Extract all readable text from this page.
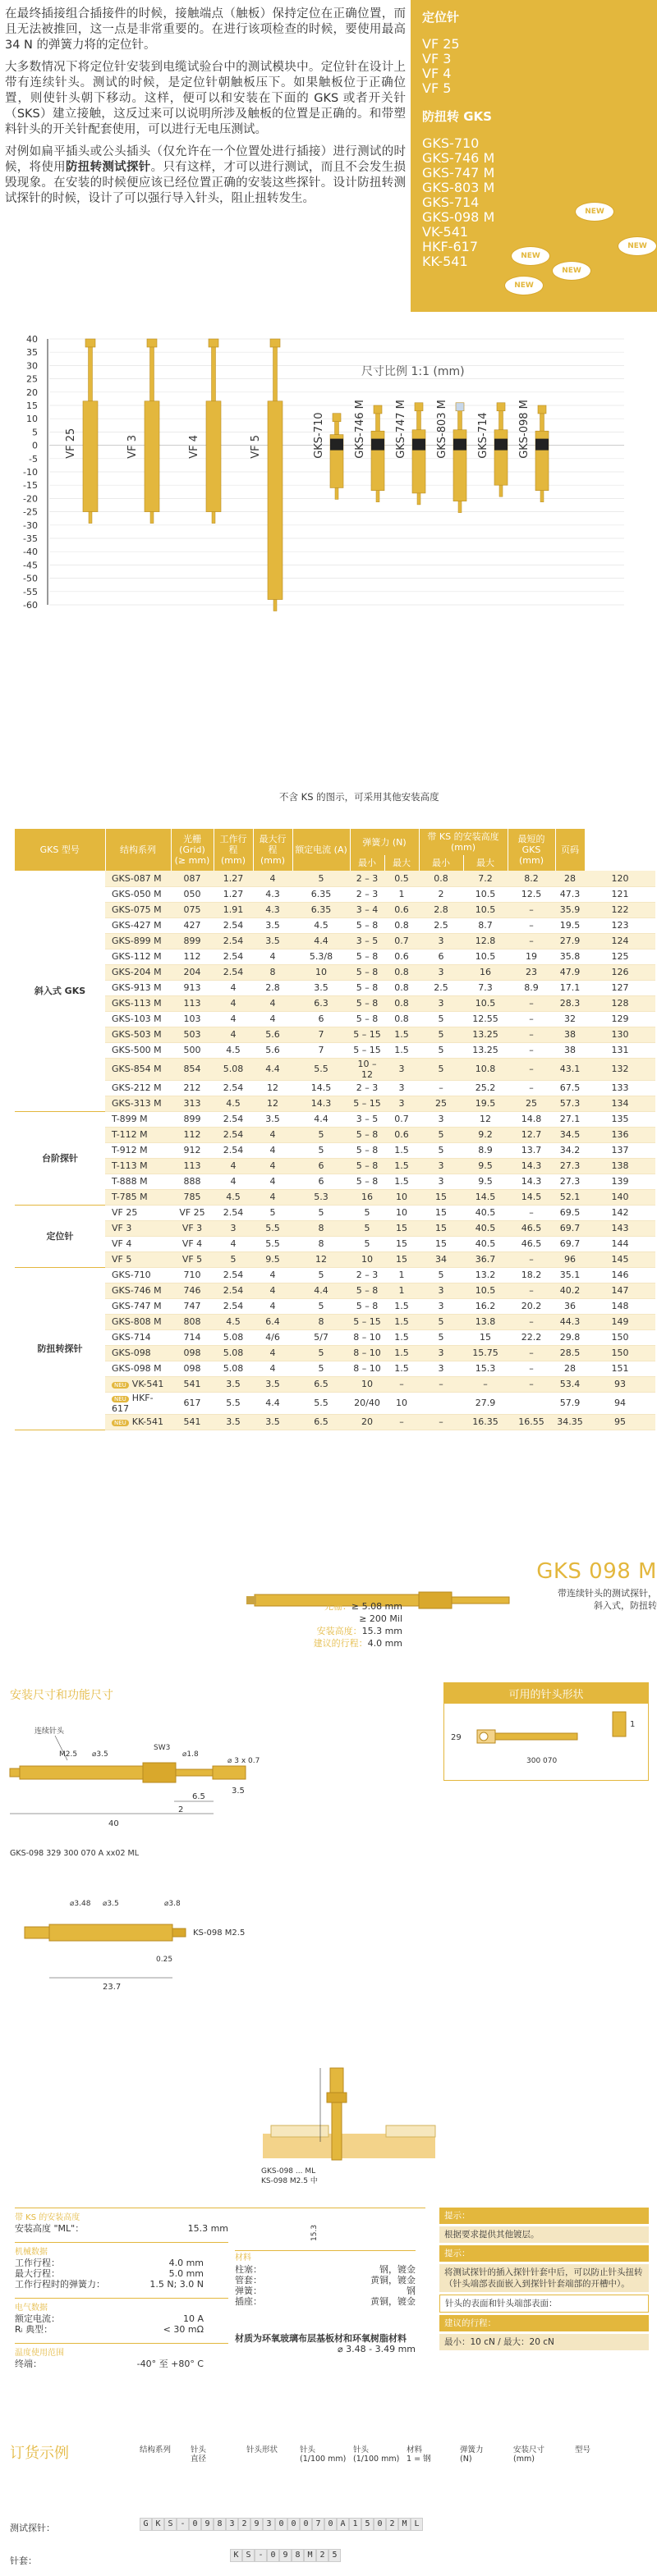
在最终插接组合插接件的时候，接触端点（触板）保持定位在正确位置，而且无法被推回，这一点是非常重要的。在进行该项检查的时候，要使用最高 34 N 的弹簧力将的定位针。

大多数情况下将定位针安装到电缆试验台中的测试模块中。定位针在设计上带有连续针头。测试的时候，是定位针朝触板压下。如果触板位于正确位置，则使针头朝下移动。这样，便可以和安装在下面的 GKS 或者开关针（SKS）建立接触，这反过来可以说明所涉及触板的位置是正确的。和带塑料针头的开关针配套使用，可以进行无电压测试。

对例如扁平插头或公头插头（仅允许在一个位置处进行插接）进行测试的时候，将使用防扭转测试探针。只有这样，才可以进行测试，而且不会发生损毁现象。在安装的时候便应该已经位置正确的安装这些探针。设计防扭转测试探针的时候，设计了可以强行导入针头，阻止扭转发生。

定位针
VF 25
VF 3
VF 4
VF 5
防扭转 GKS
GKS-710
GKS-746 M
GKS-747 M
GKS-803 M
GKS-714
GKS-098 M
VK-541
HKF-617
KK-541
NEW
NEW
NEW
NEW
NEW
40
35
30
25
20
15
10
5
0
-5
-10
-15
-20
-25
-30
-35
-40
-45
-50
-55
-60
VF 25	VF 3	VF 4	VF 5	GKS-710	GKS-746 M	GKS-747 M	GKS-803 M	GKS-714	GKS-098 M
尺寸比例 1:1 (mm)
不含 KS 的图示，可采用其他安装高度
GKS 型号	结构系列	光栅 (Grid) (≥ mm)	工作行程 (mm)	最大行程 (mm)	额定电流 (A)	弹簧力 (N)		带 KS 的安装高度 (mm)		最短的 GKS (mm)	页码	
						最小	最大	最小	最大			
斜入式 GKS	GKS-087 M	087	1.27	4	5	2 – 3	0.5	0.8	7.2	8.2	28	120
	GKS-050 M	050	1.27	4.3	6.35	2 – 3	1	2	10.5	12.5	47.3	121
	GKS-075 M	075	1.91	4.3	6.35	3 – 4	0.6	2.8	10.5	–	35.9	122
	GKS-427 M	427	2.54	3.5	4.5	5 – 8	0.8	2.5	8.7	–	19.5	123
	GKS-899 M	899	2.54	3.5	4.4	3 – 5	0.7	3	12.8	–	27.9	124
	GKS-112 M	112	2.54	4	5.3/8	5 – 8	0.6	6	10.5	19	35.8	125
	GKS-204 M	204	2.54	8	10	5 – 8	0.8	3	16	23	47.9	126
	GKS-913 M	913	4	2.8	3.5	5 – 8	0.8	2.5	7.3	8.9	17.1	127
	GKS-113 M	113	4	4	6.3	5 – 8	0.8	3	10.5	–	28.3	128
	GKS-103 M	103	4	4	6	5 – 8	0.8	5	12.55	–	32	129
	GKS-503 M	503	4	5.6	7	5 – 15	1.5	5	13.25	–	38	130
	GKS-500 M	500	4.5	5.6	7	5 – 15	1.5	5	13.25	–	38	131
	GKS-854 M	854	5.08	4.4	5.5	10 – 12	3	5	10.8	–	43.1	132
	GKS-212 M	212	2.54	12	14.5	2 – 3	3	–	25.2	–	67.5	133
	GKS-313 M	313	4.5	12	14.3	5 – 15	3	25	19.5	25	57.3	134
台阶探针	T-899 M	899	2.54	3.5	4.4	3 – 5	0.7	3	12	14.8	27.1	135
	T-112 M	112	2.54	4	5	5 – 8	0.6	5	9.2	12.7	34.5	136
	T-912 M	912	2.54	4	5	5 – 8	1.5	5	8.9	13.7	34.2	137
	T-113 M	113	4	4	6	5 – 8	1.5	3	9.5	14.3	27.3	138
	T-888 M	888	4	4	6	5 – 8	1.5	3	9.5	14.3	27.3	139
	T-785 M	785	4.5	4	5.3	16	10	15	14.5	14.5	52.1	140
定位针	VF 25	VF 25	2.54	5	5	5	10	15	40.5	–	69.5	142
	VF 3	VF 3	3	5.5	8	5	15	15	40.5	46.5	69.7	143
	VF 4	VF 4	4	5.5	8	5	15	15	40.5	46.5	69.7	144
	VF 5	VF 5	5	9.5	12	10	15	34	36.7	–	96	145
防扭转探针	GKS-710	710	2.54	4	5	2 – 3	1	5	13.2	18.2	35.1	146
	GKS-746 M	746	2.54	4	4.4	5 – 8	1	3	10.5	–	40.2	147
	GKS-747 M	747	2.54	4	5	5 – 8	1.5	3	16.2	20.2	36	148
	GKS-808 M	808	4.5	6.4	8	5 – 15	1.5	5	13.8	–	44.3	149
	GKS-714	714	5.08	4/6	5/7	8 – 10	1.5	5	15	22.2	29.8	150
	GKS-098	098	5.08	4	5	8 – 10	1.5	3	15.75	–	28.5	150
	GKS-098 M	098	5.08	4	5	8 – 10	1.5	3	15.3	–	28	151
	NEU VK-541	541	3.5	3.5	6.5	10	–	–	–	–	53.4	93
	NEU HKF-617	617	5.5	4.4	5.5	20/40	10		27.9		57.9	94
	NEU KK-541	541	3.5	3.5	6.5	20	–	–	16.35	16.55	34.35	95
光栅：≥ 5.08 mm
≥ 200 Mil
安装高度：15.3 mm
建议的行程：4.0 mm
GKS 098 M
带连续针头的测试探针，
斜入式，防扭转
安装尺寸和功能尺寸	可用的针头形状
29
300 070
1
连续针头
M2.5 ⌀3.5
SW3
⌀1.8
⌀ 3 x 0.7
40
6.5
2
3.5
GKS-098 329 300 070 A xx02 ML
⌀3.48 ⌀3.5	⌀3.8
KS-098 M2.5
0.25
23.7
15.3
GKS-098 ... ML
KS-098 M2.5 中
带 KS 的安装高度
安装高度 "ML"：	15.3 mm
机械数据
工作行程：	4.0 mm
最大行程：	5.0 mm
工作行程时的弹簧力：	1.5 N; 3.0 N
电气数据
额定电流：	10 A
Rᵢ 典型：	< 30 mΩ
温度使用范围
终端：	-40° 至 +80° C
材料
柱塞：	钢，镀金
管套：	黄铜，镀金
弹簧：	钢
插座：	黄铜，镀金
材质为环氧玻璃布层基板材和环氧树脂材料
⌀ 3.48 - 3.49 mm
提示：
根据要求提供其他镀层。
提示：
将测试探针的插入探针针套中后，可以防止针头扭转（针头端部表面嵌入到探针针套端部的开槽中）。
针头的表面和针头端部表面：
建议的行程：
最小：10 cN / 最大：20 cN
订货示例	结构系列	针头
直径
针头形状	针头
(1/100 mm)
针头
(1/100 mm)
材料
1 = 钢
弹簧力
(N)
安装尺寸
(mm)
型号
测试探针：	G K S - 0 9 8 3 2 9 3 0 0 0 7 0 A 1 5 0 2 M L
针套：
K S - 0 9 8 M 2 5
